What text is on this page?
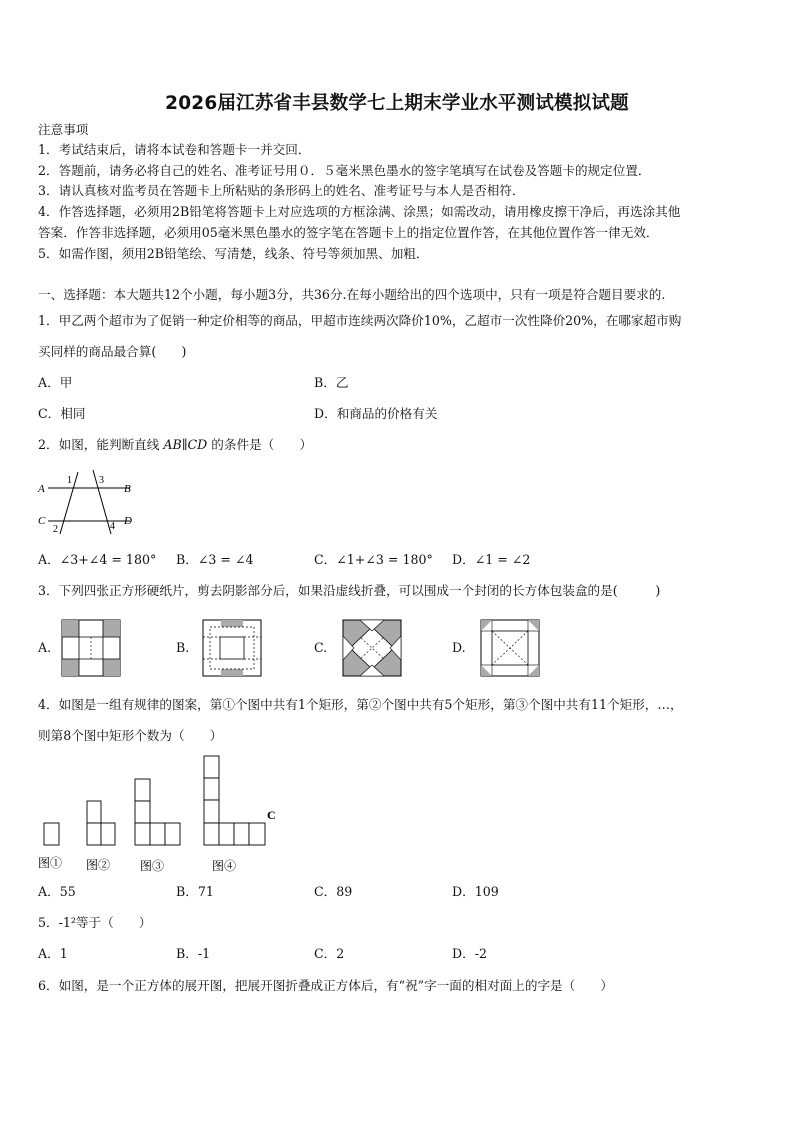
2026届江苏省丰县数学七上期末学业水平测试模拟试题
注意事项
1．考试结束后，请将本试卷和答题卡一并交回．
2．答题前，请务必将自己的姓名、准考证号用０．５毫米黑色墨水的签字笔填写在试卷及答题卡的规定位置．
3．请认真核对监考员在答题卡上所粘贴的条形码上的姓名、准考证号与本人是否相符．
4．作答选择题，必须用2B铅笔将答题卡上对应选项的方框涂满、涂黑；如需改动，请用橡皮擦干净后，再选涂其他
答案．作答非选择题，必须用05毫米黑色墨水的签字笔在答题卡上的指定位置作答，在其他位置作答一律无效．
5．如需作图，须用2B铅笔绘、写清楚，线条、符号等须加黑、加粗．
一、选择题：本大题共12个小题，每小题3分，共36分.在每小题给出的四个选项中，只有一项是符合题目要求的.
1．甲乙两个超市为了促销一种定价相等的商品，甲超市连续两次降价10%，乙超市一次性降价20%，在哪家超市购
买同样的商品最合算(　　)
A．甲	B．乙
C．相同	D．和商品的价格有关
2．如图，能判断直线 AB∥CD 的条件是（　　）
A	B
C	D
1
2
3
4
A．∠3+∠4 = 180° B．∠3 = ∠4	C．∠1+∠3 = 180° D．∠1 = ∠2
3．下列四张正方形硬纸片，剪去阴影部分后，如果沿虚线折叠，可以围成一个封闭的长方体包装盒的是(　　　)
A.	B.	C.	D.
4．如图是一组有规律的图案，第①个图中共有1个矩形，第②个图中共有5个矩形，第③个图中共有11个矩形，…，
则第8个图中矩形个数为（　　）
C
图① 图② 图③	图④
A．55	B．71	C．89	D．109
5．-1²等于（　　）
A．1	B．-1	C．2	D．-2
6．如图，是一个正方体的展开图，把展开图折叠成正方体后，有“祝”字一面的相对面上的字是（　　）
